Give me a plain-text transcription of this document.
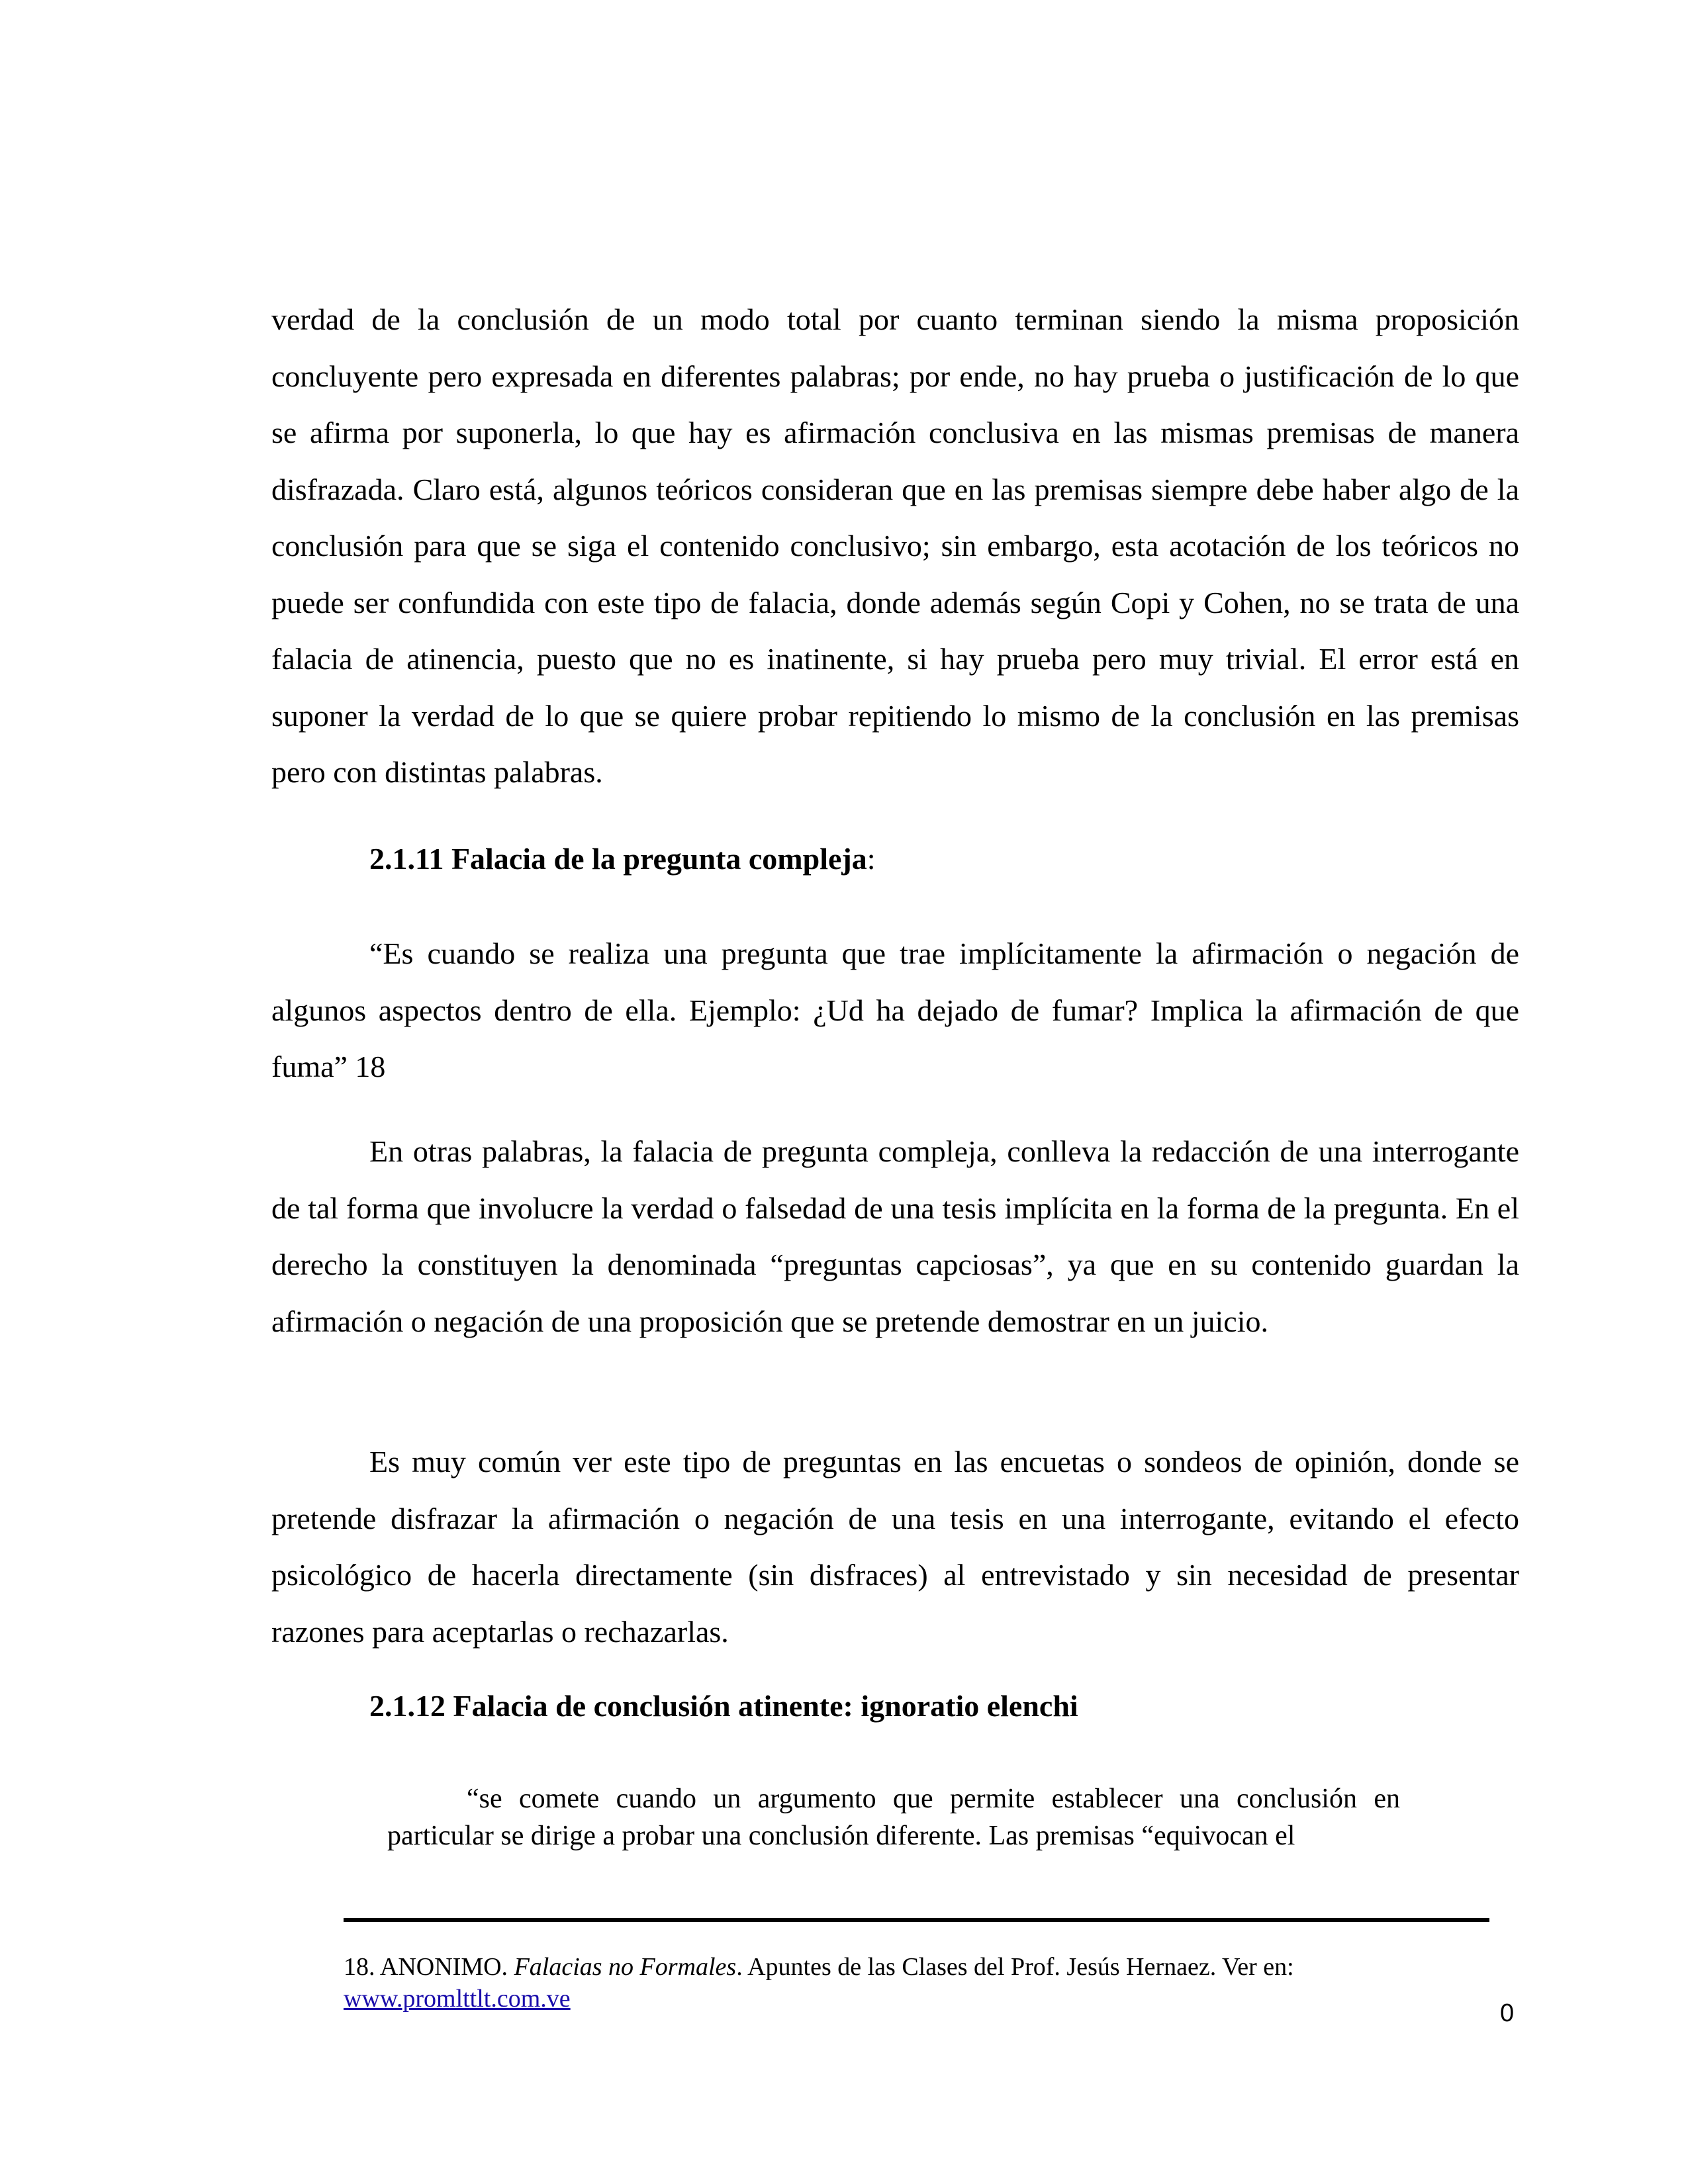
verdad de la conclusión de un modo total por cuanto terminan siendo la misma proposición concluyente pero expresada en diferentes palabras; por ende, no hay prueba o justificación de lo que se afirma por suponerla, lo que hay es afirmación conclusiva en las mismas premisas de manera disfrazada. Claro está, algunos teóricos consideran que en las premisas siempre debe haber algo de la conclusión para que se siga el contenido conclusivo; sin embargo, esta acotación de los teóricos no puede ser confundida con este tipo de falacia, donde además según Copi y Cohen, no se trata de una falacia de atinencia, puesto que no es inatinente, si hay prueba pero muy trivial. El error está en suponer la verdad de lo que se quiere probar repitiendo lo mismo de la conclusión en las premisas pero con distintas palabras.

2.1.11 Falacia de la pregunta compleja:

“Es cuando se realiza una pregunta que trae implícitamente la afirmación o negación de algunos aspectos dentro de ella. Ejemplo: ¿Ud ha dejado de fumar? Implica la afirmación de que fuma” 18

En otras palabras, la falacia de pregunta compleja, conlleva la redacción de una interrogante de tal forma que involucre la verdad o falsedad de una tesis implícita en la forma de la pregunta. En el derecho la constituyen la denominada “preguntas capciosas”, ya que en su contenido guardan la afirmación o negación de una proposición que se pretende demostrar en un juicio.

Es muy común ver este tipo de preguntas en las encuetas o sondeos de opinión, donde se pretende disfrazar la afirmación o negación de una tesis en una interrogante, evitando el efecto psicológico de hacerla directamente (sin disfraces) al entrevistado y sin necesidad de presentar razones para aceptarlas o rechazarlas.

2.1.12 Falacia de conclusión atinente: ignoratio elenchi

“se comete cuando un argumento que permite establecer una conclusión en particular se dirige a probar una conclusión diferente. Las premisas “equivocan el

18. ANONIMO. Falacias no Formales. Apuntes de las Clases del Prof. Jesús Hernaez. Ver en:
www.promlttlt.com.ve
0
